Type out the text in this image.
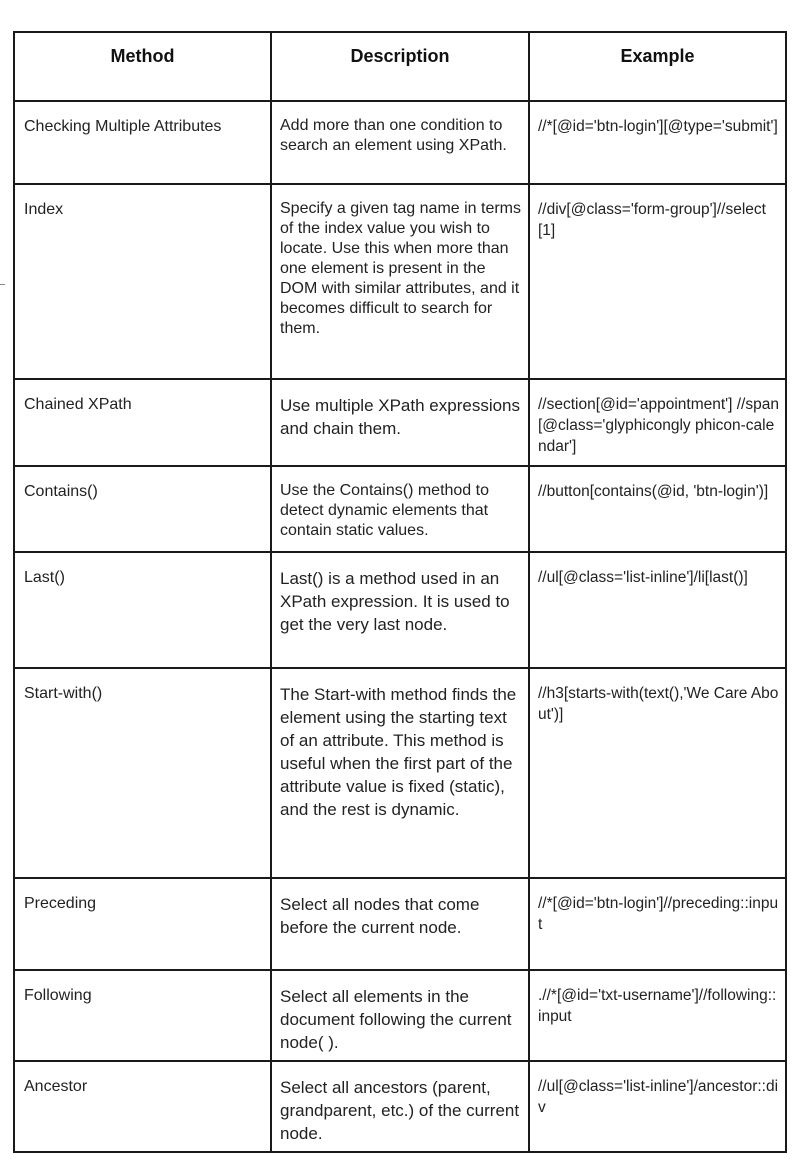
Method	Description	Example

Checking Multiple Attributes	Add more than one condition to search an element using XPath.	//*[@id='btn-login'][@type='submit']

Index	Specify a given tag name in terms of the index value you wish to locate. Use this when more than one element is present in the DOM with similar attributes, and it becomes difficult to search for them.	//div[@class='form-group']//select[1]

Chained XPath	Use multiple XPath expressions and chain them.	//section[@id='appointment'] //span[@class='glyphicongly phicon-calendar']

Contains()	Use the Contains() method to detect dynamic elements that contain static values.	//button[contains(@id, 'btn-login')]

Last()	Last() is a method used in an XPath expression. It is used to get the very last node.	//ul[@class='list-inline']/li[last()]

Start-with()	The Start-with method finds the element using the starting text of an attribute. This method is useful when the first part of the attribute value is fixed (static), and the rest is dynamic.	//h3[starts-with(text(),'We Care About')]

Preceding	Select all nodes that come before the current node.	//*[@id='btn-login']//preceding::input

Following	Select all elements in the document following the current node( ).	.//*[@id='txt-username']//following::input

Ancestor	Select all ancestors (parent, grandparent, etc.) of the current node.	//ul[@class='list-inline']/ancestor::div
